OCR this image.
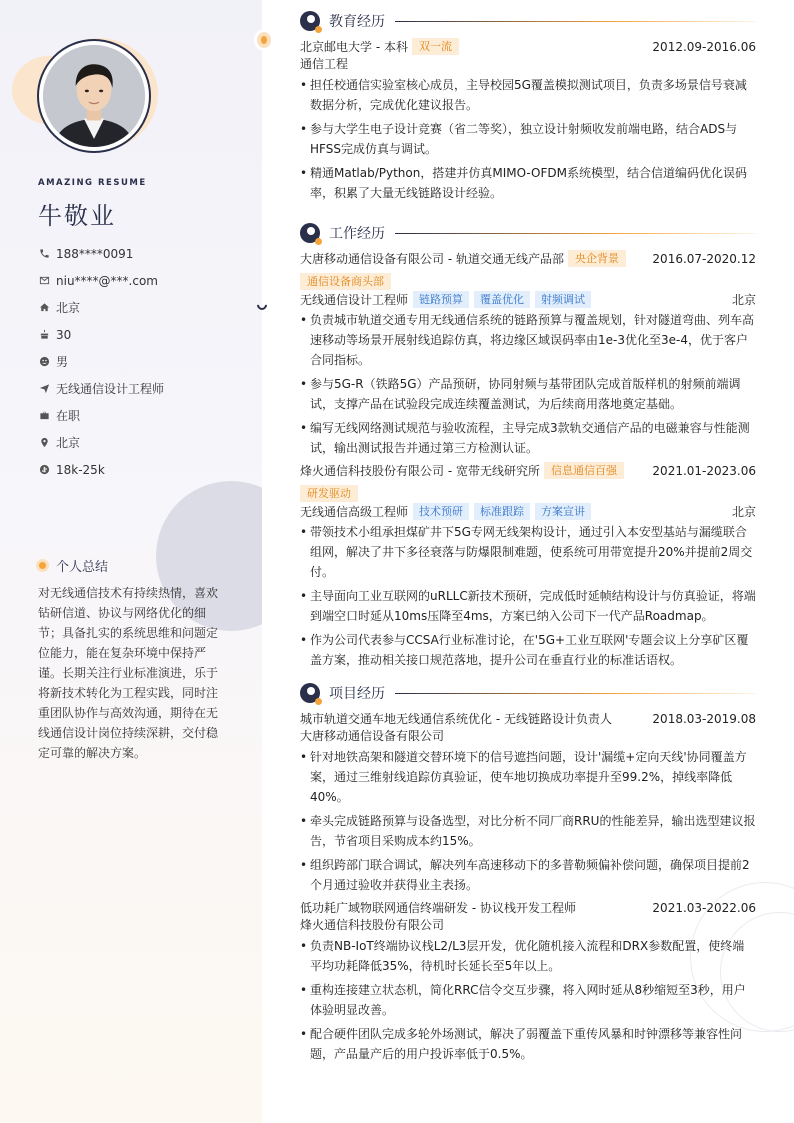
AMAZING RESUME
牛敬业
188****0091
niu****@***.com
北京
30
男
无线通信设计工程师
在职
北京
18k-25k
个人总结
对无线通信技术有持续热情，喜欢钻研信道、协议与网络优化的细节；具备扎实的系统思维和问题定位能力，能在复杂环境中保持严谨。长期关注行业标准演进，乐于将新技术转化为工程实践，同时注重团队协作与高效沟通，期待在无线通信设计岗位持续深耕，交付稳定可靠的解决方案。
教育经历
北京邮电大学 - 本科	双一流	2012.09-2016.06
通信工程
• 担任校通信实验室核心成员，主导校园5G覆盖模拟测试项目，负责多场景信号衰减数据分析，完成优化建议报告。
• 参与大学生电子设计竞赛（省二等奖），独立设计射频收发前端电路，结合ADS与HFSS完成仿真与调试。
• 精通Matlab/Python，搭建并仿真MIMO-OFDM系统模型，结合信道编码优化误码率，积累了大量无线链路设计经验。
工作经历
大唐移动通信设备有限公司 - 轨道交通无线产品部	央企背景	2016.07-2020.12
通信设备商头部
无线通信设计工程师	链路预算	覆盖优化	射频调试	北京
• 负责城市轨道交通专用无线通信系统的链路预算与覆盖规划，针对隧道弯曲、列车高速移动等场景开展射线追踪仿真，将边缘区域误码率由1e-3优化至3e-4，优于客户合同指标。
• 参与5G-R（铁路5G）产品预研，协同射频与基带团队完成首版样机的射频前端调试，支撑产品在试验段完成连续覆盖测试，为后续商用落地奠定基础。
• 编写无线网络测试规范与验收流程，主导完成3款轨交通信产品的电磁兼容与性能测试，输出测试报告并通过第三方检测认证。
烽火通信科技股份有限公司 - 宽带无线研究所	信息通信百强	2021.01-2023.06
研发驱动
无线通信高级工程师	技术预研	标准跟踪	方案宣讲	北京
• 带领技术小组承担煤矿井下5G专网无线架构设计，通过引入本安型基站与漏缆联合组网，解决了井下多径衰落与防爆限制难题，使系统可用带宽提升20%并提前2周交付。
• 主导面向工业互联网的uRLLC新技术预研，完成低时延帧结构设计与仿真验证，将端到端空口时延从10ms压降至4ms，方案已纳入公司下一代产品Roadmap。
• 作为公司代表参与CCSA行业标准讨论，在'5G+工业互联网'专题会议上分享矿区覆盖方案，推动相关接口规范落地，提升公司在垂直行业的标准话语权。
项目经历
城市轨道交通车地无线通信系统优化 - 无线链路设计负责人	2018.03-2019.08
大唐移动通信设备有限公司
• 针对地铁高架和隧道交替环境下的信号遮挡问题，设计'漏缆+定向天线'协同覆盖方案，通过三维射线追踪仿真验证，使车地切换成功率提升至99.2%，掉线率降低40%。
• 牵头完成链路预算与设备选型，对比分析不同厂商RRU的性能差异，输出选型建议报告，节省项目采购成本约15%。
• 组织跨部门联合调试，解决列车高速移动下的多普勒频偏补偿问题，确保项目提前2个月通过验收并获得业主表扬。
低功耗广域物联网通信终端研发 - 协议栈开发工程师	2021.03-2022.06
烽火通信科技股份有限公司
• 负责NB-IoT终端协议栈L2/L3层开发，优化随机接入流程和DRX参数配置，使终端平均功耗降低35%，待机时长延长至5年以上。
• 重构连接建立状态机，简化RRC信令交互步骤，将入网时延从8秒缩短至3秒，用户体验明显改善。
• 配合硬件团队完成多轮外场测试，解决了弱覆盖下重传风暴和时钟漂移等兼容性问题，产品量产后的用户投诉率低于0.5%。
